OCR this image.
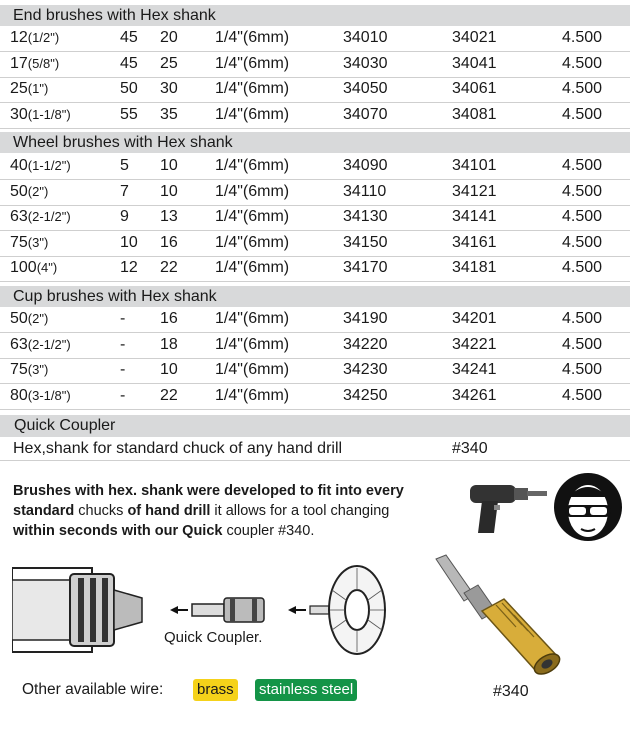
End brushes with Hex shank
12(1/2")	45 20 1/4"(6mm)	34010	34021	4.500
17(5/8")	45 25 1/4"(6mm)	34030	34041	4.500
25(1")	50 30 1/4"(6mm)	34050	34061	4.500
30(1-1/8")	55 35 1/4"(6mm)	34070	34081	4.500
Wheel brushes with Hex shank
40(1-1/2")	5 10 1/4"(6mm)	34090	34101	4.500
50(2")	7 10 1/4"(6mm)	34110	34121	4.500
63(2-1/2")	9 13 1/4"(6mm)	34130	34141	4.500
75(3")	10 16 1/4"(6mm)	34150	34161	4.500
100(4")	12 22 1/4"(6mm)	34170	34181	4.500
Cup brushes with Hex shank
50(2")	- 16 1/4"(6mm)	34190	34201	4.500
63(2-1/2")	- 18 1/4"(6mm)	34220	34221	4.500
75(3")	- 10 1/4"(6mm)	34230	34241	4.500
80(3-1/8")	- 22 1/4"(6mm)	34250	34261	4.500
Quick Coupler
Hex,shank for standard chuck of any hand drill	#340
Brushes with hex. shank were developed to fit into every
standard chucks of hand drill it allows for a tool changing
within seconds with our Quick coupler #340.
Quick Coupler.
#340
Other available wire: brass stainless steel
